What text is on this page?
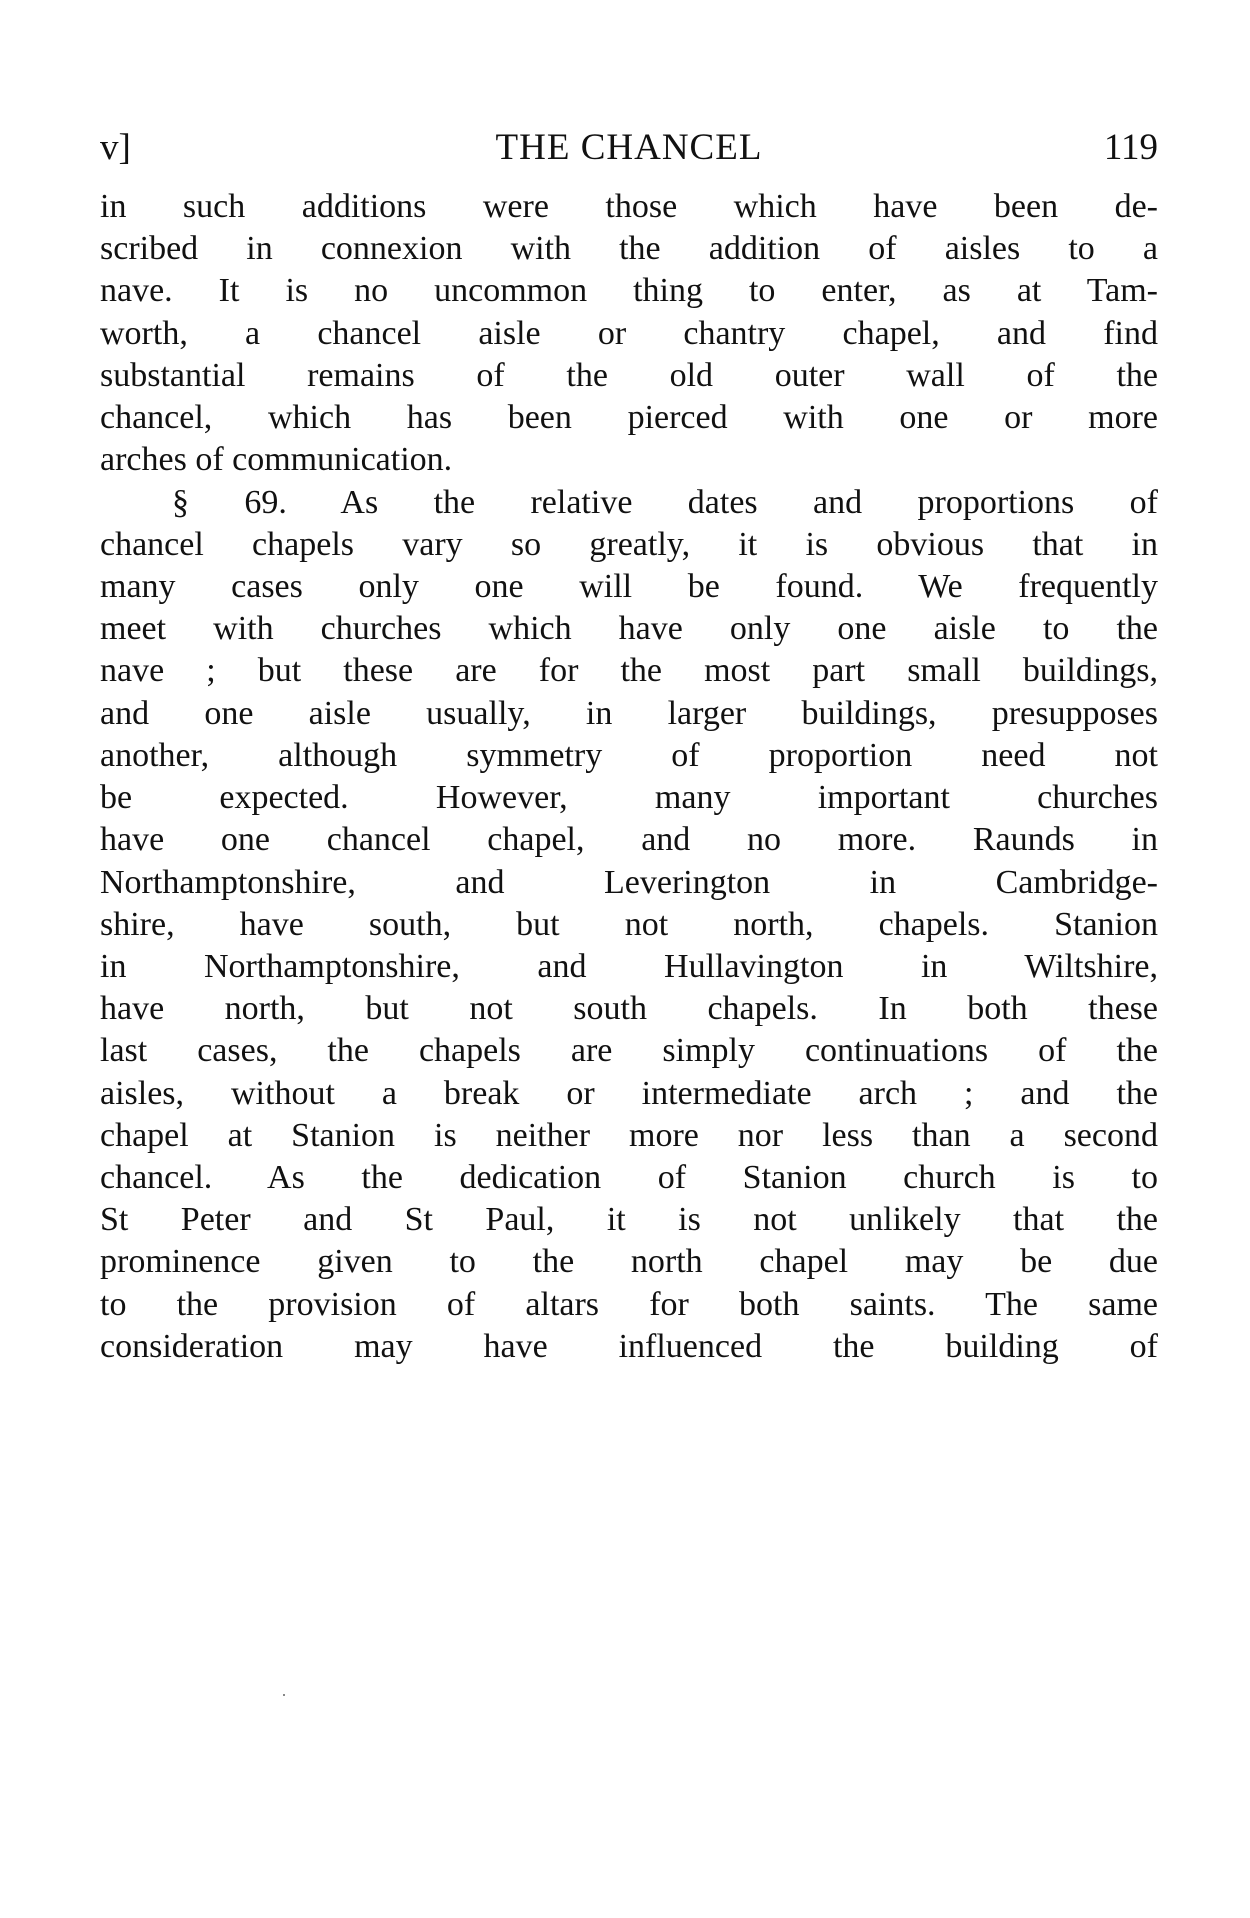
v]	THE CHANCEL	119
in such additions were those which have been de-
scribed in connexion with the addition of aisles to a
nave. It is no uncommon thing to enter, as at Tam-
worth, a chancel aisle or chantry chapel, and find
substantial remains of the old outer wall of the
chancel, which has been pierced with one or more
arches of communication.
§ 69. As the relative dates and proportions of
chancel chapels vary so greatly, it is obvious that in
many cases only one will be found. We frequently
meet with churches which have only one aisle to the
nave ; but these are for the most part small buildings,
and one aisle usually, in larger buildings, presupposes
another, although symmetry of proportion need not
be expected. However, many important churches
have one chancel chapel, and no more. Raunds in
Northamptonshire, and Leverington in Cambridge-
shire, have south, but not north, chapels. Stanion
in Northamptonshire, and Hullavington in Wiltshire,
have north, but not south chapels. In both these
last cases, the chapels are simply continuations of the
aisles, without a break or intermediate arch ; and the
chapel at Stanion is neither more nor less than a second
chancel. As the dedication of Stanion church is to
St Peter and St Paul, it is not unlikely that the
prominence given to the north chapel may be due
to the provision of altars for both saints. The same
consideration may have influenced the building of
